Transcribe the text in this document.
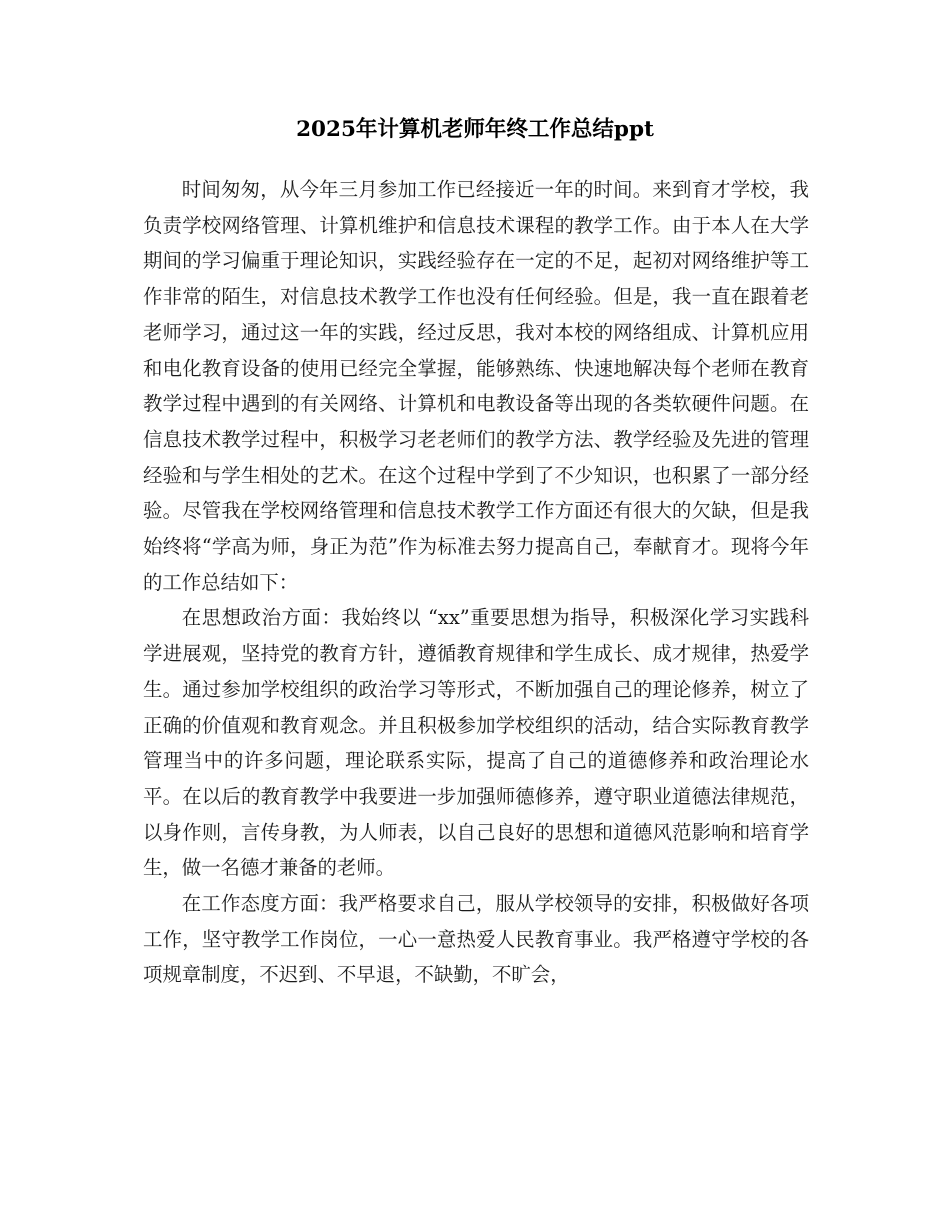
2025年计算机老师年终工作总结ppt

时间匆匆，从今年三月参加工作已经接近一年的时间。来到育才学校，我负责学校网络管理、计算机维护和信息技术课程的教学工作。由于本人在大学期间的学习偏重于理论知识，实践经验存在一定的不足，起初对网络维护等工作非常的陌生，对信息技术教学工作也没有任何经验。但是，我一直在跟着老老师学习，通过这一年的实践，经过反思，我对本校的网络组成、计算机应用和电化教育设备的使用已经完全掌握，能够熟练、快速地解决每个老师在教育教学过程中遇到的有关网络、计算机和电教设备等出现的各类软硬件问题。在信息技术教学过程中，积极学习老老师们的教学方法、教学经验及先进的管理经验和与学生相处的艺术。在这个过程中学到了不少知识，也积累了一部分经验。尽管我在学校网络管理和信息技术教学工作方面还有很大的欠缺，但是我始终将“学高为师，身正为范”作为标准去努力提高自己，奉献育才。现将今年的工作总结如下：

在思想政治方面：我始终以 “xx”重要思想为指导，积极深化学习实践科学进展观，坚持党的教育方针，遵循教育规律和学生成长、成才规律，热爱学生。通过参加学校组织的政治学习等形式，不断加强自己的理论修养，树立了正确的价值观和教育观念。并且积极参加学校组织的活动，结合实际教育教学管理当中的许多问题，理论联系实际，提高了自己的道德修养和政治理论水平。在以后的教育教学中我要进一步加强师德修养，遵守职业道德法律规范，以身作则，言传身教，为人师表，以自己良好的思想和道德风范影响和培育学生，做一名德才兼备的老师。

在工作态度方面：我严格要求自己，服从学校领导的安排，积极做好各项工作，坚守教学工作岗位，一心一意热爱人民教育事业。我严格遵守学校的各项规章制度，不迟到、不早退，不缺勤，不旷会，
